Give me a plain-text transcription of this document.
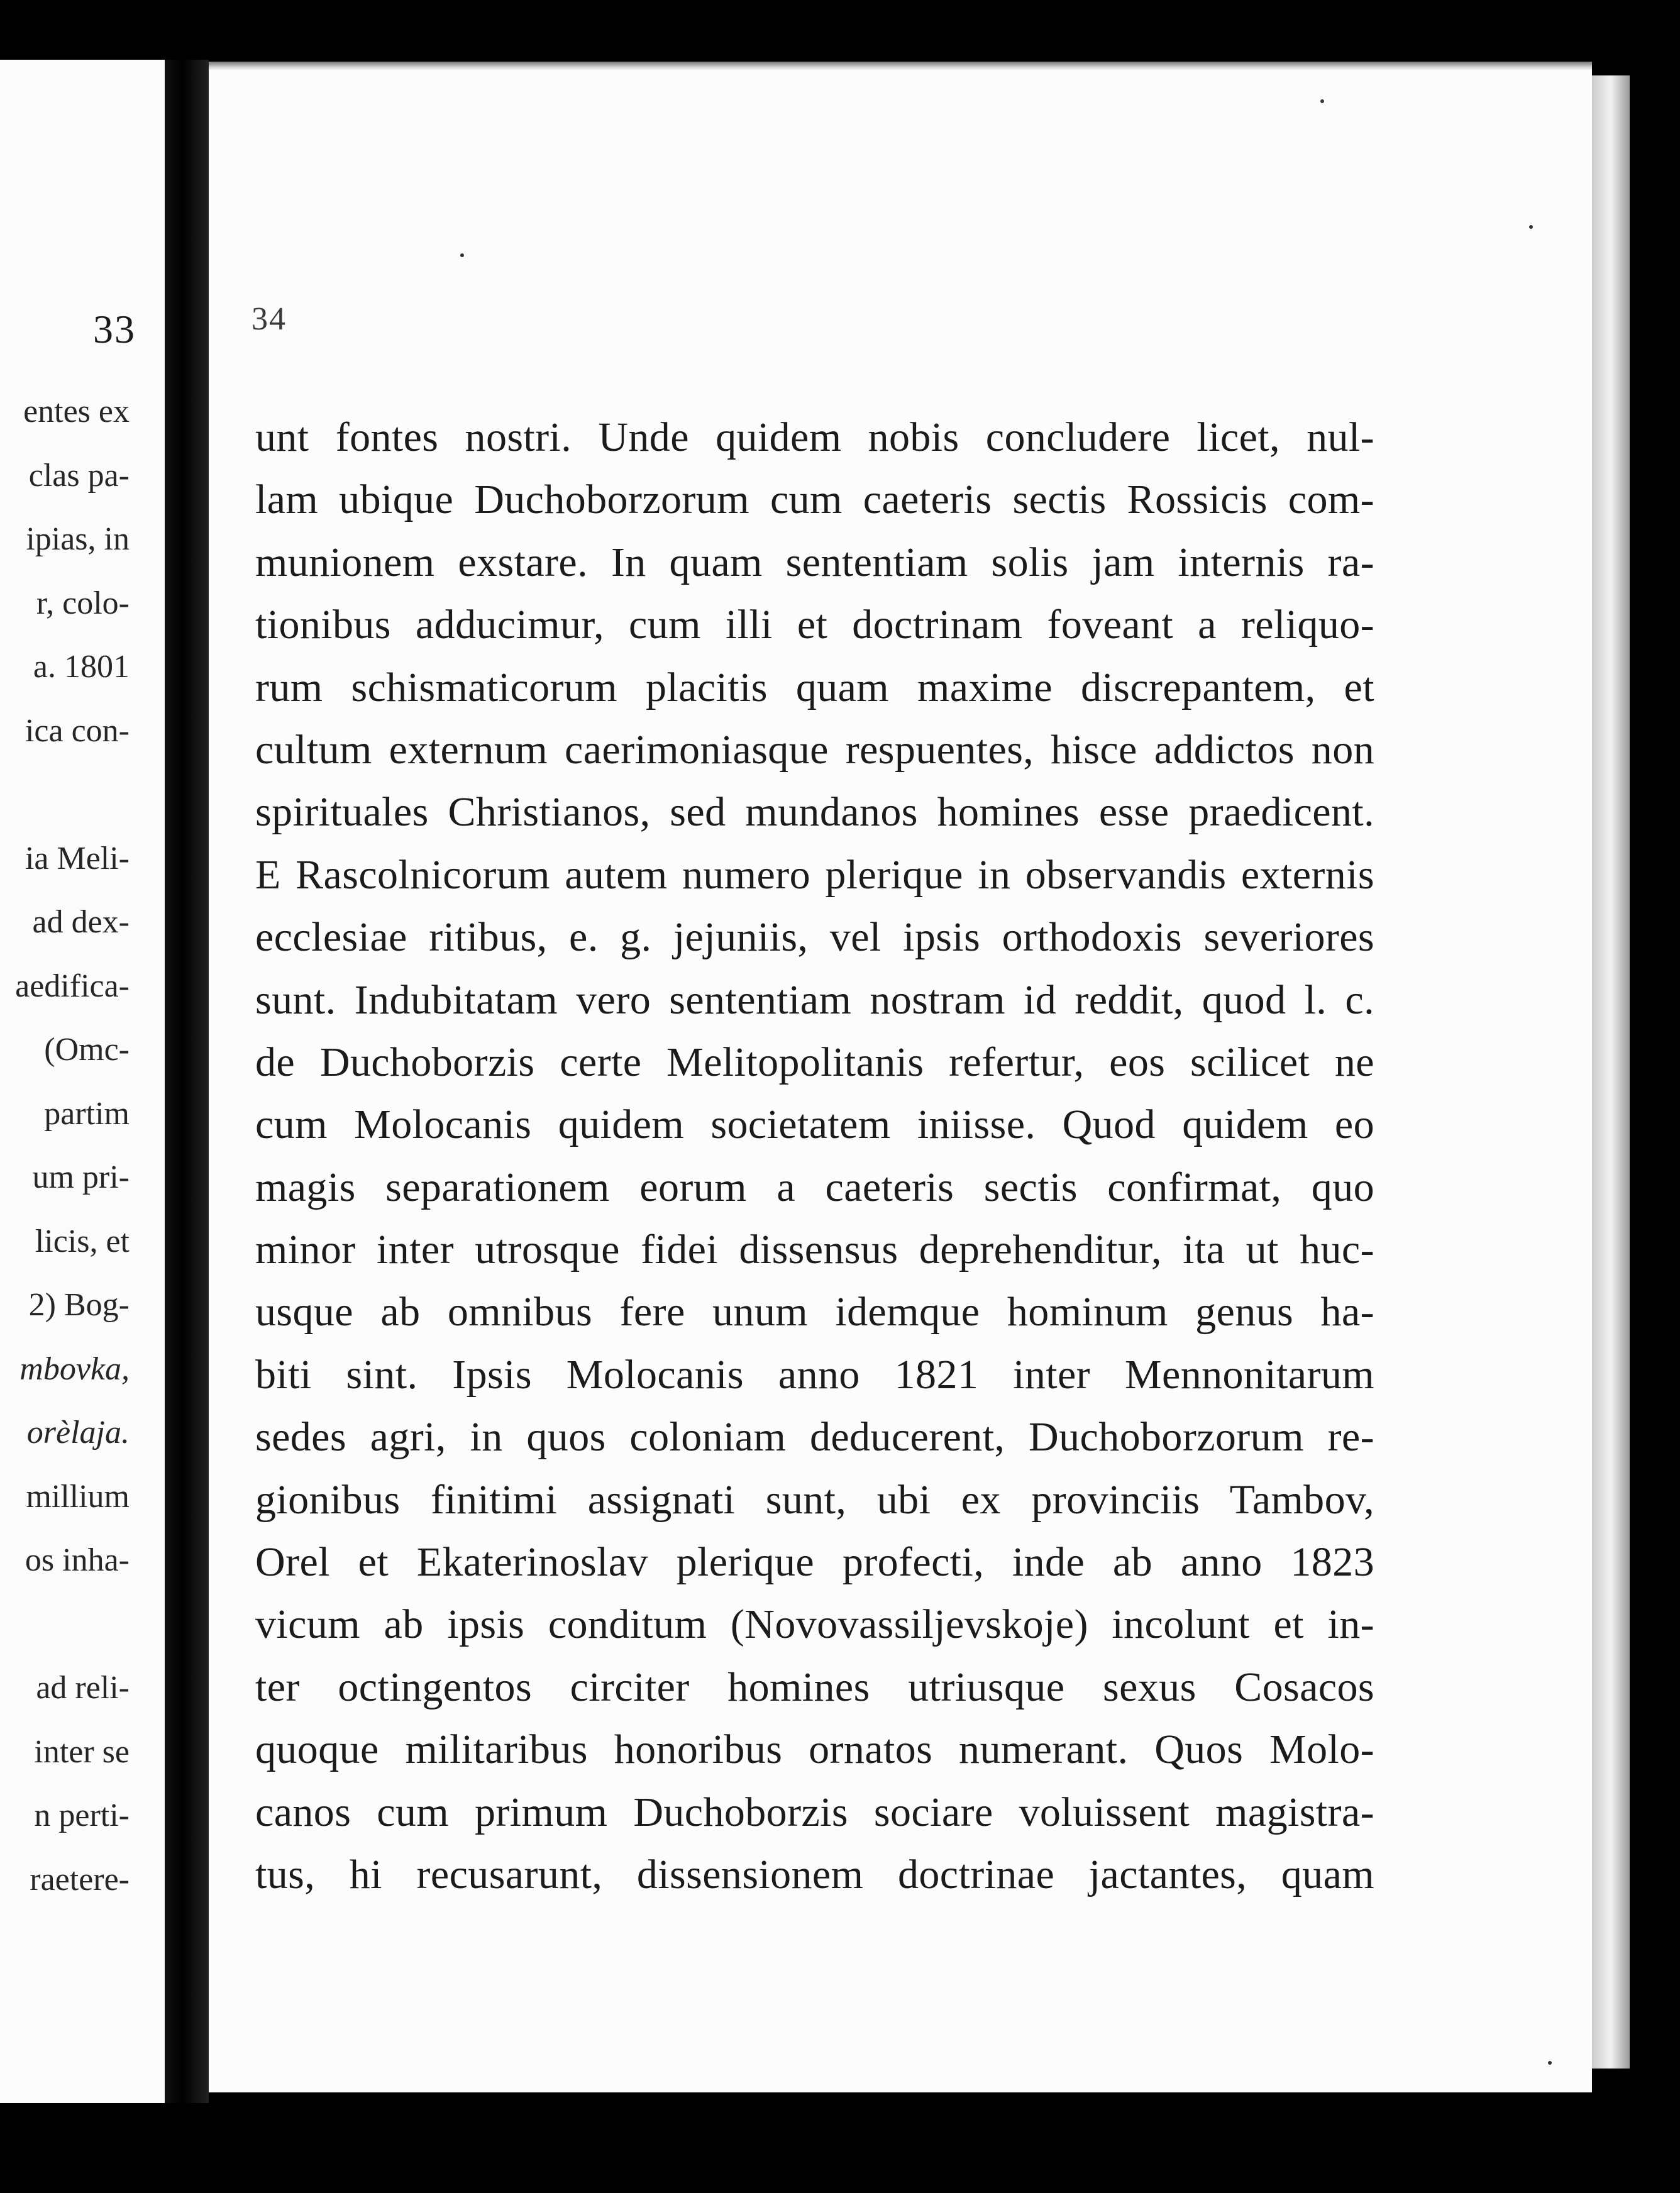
33
entes ex
clas pa-
ipias, in
r, colo-
a. 1801
ica con-
ia Meli-
ad dex-
aedifica-
(Omc-
partim
um pri-
licis, et
2) Bog-
mbovka,
orèlaja.
millium
os inha-
ad reli-
inter se
n perti-
raetere-
34
unt fontes nostri. Unde quidem nobis concludere licet, nul-
lam ubique Duchoborzorum cum caeteris sectis Rossicis com-
munionem exstare. In quam sententiam solis jam internis ra-
tionibus adducimur, cum illi et doctrinam foveant a reliquo-
rum schismaticorum placitis quam maxime discrepantem, et
cultum externum caerimoniasque respuentes, hisce addictos non
spirituales Christianos, sed mundanos homines esse praedicent.
E Rascolnicorum autem numero plerique in observandis externis
ecclesiae ritibus, e. g. jejuniis, vel ipsis orthodoxis severiores
sunt. Indubitatam vero sententiam nostram id reddit, quod l. c.
de Duchoborzis certe Melitopolitanis refertur, eos scilicet ne
cum Molocanis quidem societatem iniisse. Quod quidem eo
magis separationem eorum a caeteris sectis confirmat, quo
minor inter utrosque fidei dissensus deprehenditur, ita ut huc-
usque ab omnibus fere unum idemque hominum genus ha-
biti sint. Ipsis Molocanis anno 1821 inter Mennonitarum
sedes agri, in quos coloniam deducerent, Duchoborzorum re-
gionibus finitimi assignati sunt, ubi ex provinciis Tambov,
Orel et Ekaterinoslav plerique profecti, inde ab anno 1823
vicum ab ipsis conditum (Novovassiljevskoje) incolunt et in-
ter octingentos circiter homines utriusque sexus Cosacos
quoque militaribus honoribus ornatos numerant. Quos Molo-
canos cum primum Duchoborzis sociare voluissent magistra-
tus, hi recusarunt, dissensionem doctrinae jactantes, quam
